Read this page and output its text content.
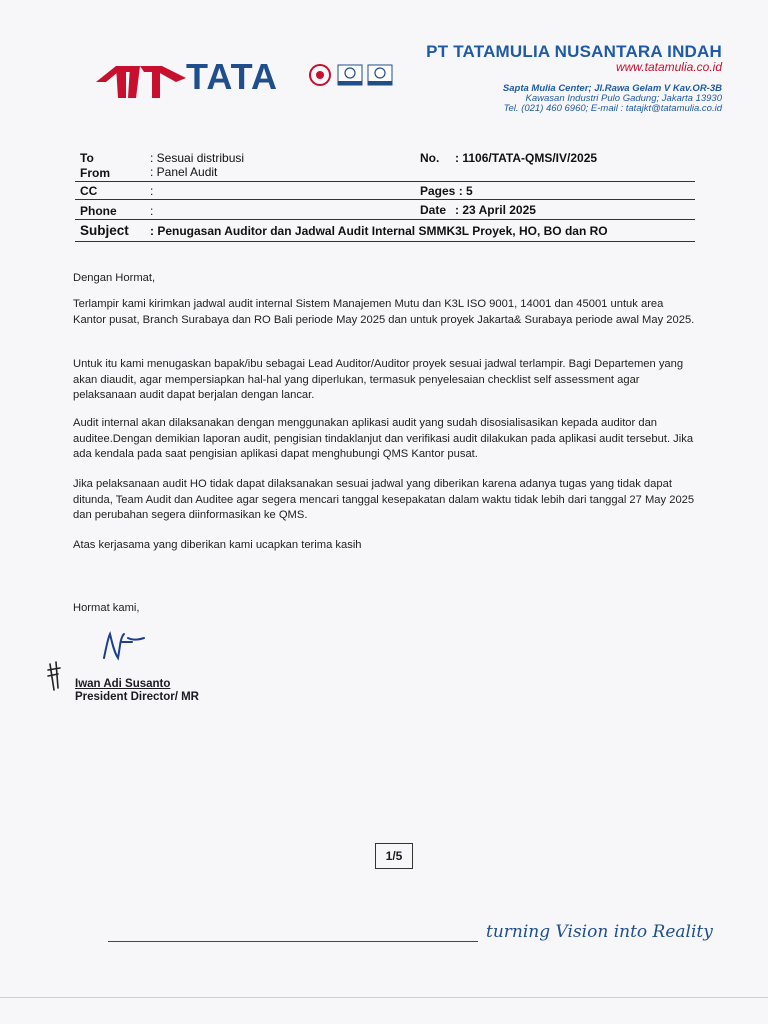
TATA
PT TATAMULIA NUSANTARA INDAH
www.tatamulia.co.id
Sapta Mulia Center; Jl.Rawa Gelam V Kav.OR-3B
Kawasan Industri Pulo Gadung; Jakarta 13930
Tel. (021) 460 6960; E-mail : tatajkt@tatamulia.co.id
To	: Sesuai distribusi	No. : 1106/TATA-QMS/IV/2025
From	: Panel Audit
CC	:	Pages : 5
Phone	:	Date : 23 April 2025
Subject : Penugasan Auditor dan Jadwal Audit Internal SMMK3L Proyek, HO, BO dan RO
Dengan Hormat,
Terlampir kami kirimkan jadwal audit internal Sistem Manajemen Mutu dan K3L ISO 9001, 14001 dan 45001 untuk area Kantor pusat, Branch Surabaya dan RO Bali periode May 2025 dan untuk proyek Jakarta& Surabaya periode awal May 2025.
Untuk itu kami menugaskan bapak/ibu sebagai Lead Auditor/Auditor proyek sesuai jadwal terlampir. Bagi Departemen yang akan diaudit, agar mempersiapkan hal-hal yang diperlukan, termasuk penyelesaian checklist self assessment agar pelaksanaan audit dapat berjalan dengan lancar.
Audit internal akan dilaksanakan dengan menggunakan aplikasi audit yang sudah disosialisasikan kepada auditor dan auditee.Dengan demikian laporan audit, pengisian tindaklanjut dan verifikasi audit dilakukan pada aplikasi audit tersebut. Jika ada kendala pada saat pengisian aplikasi dapat menghubungi QMS Kantor pusat.
Jika pelaksanaan audit HO tidak dapat dilaksanakan sesuai jadwal yang diberikan karena adanya tugas yang tidak dapat ditunda, Team Audit dan Auditee agar segera mencari tanggal kesepakatan dalam waktu tidak lebih dari tanggal 27 May 2025 dan perubahan segera diinformasikan ke QMS.
Atas kerjasama yang diberikan kami ucapkan terima kasih
Hormat kami,
Iwan Adi Susanto
President Director/ MR
1/5
turning Vision into Reality
